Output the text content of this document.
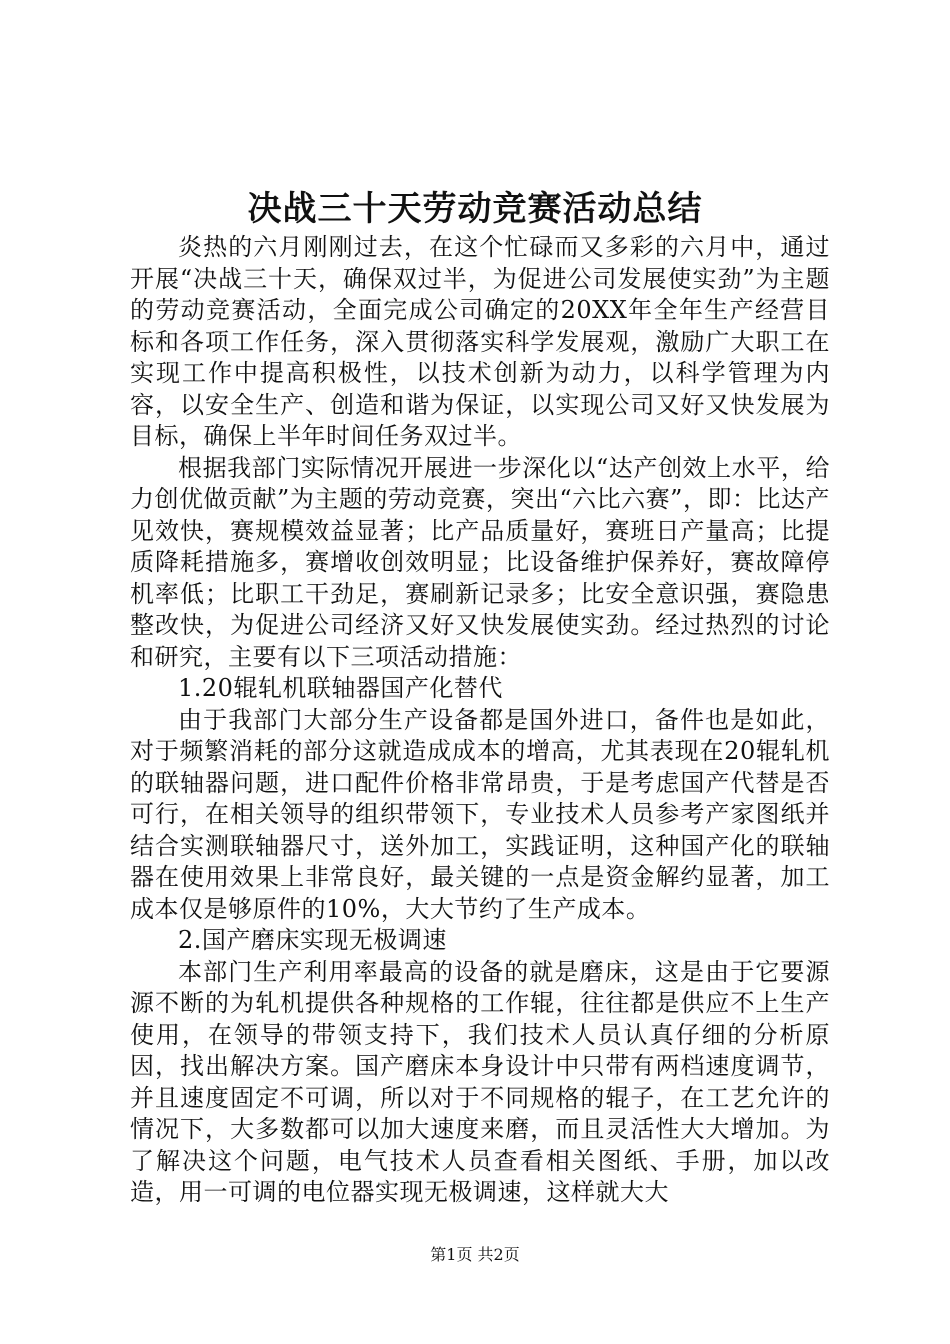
决战三十天劳动竞赛活动总结

炎热的六月刚刚过去，在这个忙碌而又多彩的六月中，通过开展“决战三十天，确保双过半，为促进公司发展使实劲”为主题的劳动竞赛活动，全面完成公司确定的20XX年全年生产经营目标和各项工作任务，深入贯彻落实科学发展观，激励广大职工在实现工作中提高积极性，以技术创新为动力，以科学管理为内容，以安全生产、创造和谐为保证，以实现公司又好又快发展为目标，确保上半年时间任务双过半。

根据我部门实际情况开展进一步深化以“达产创效上水平，给力创优做贡献”为主题的劳动竞赛，突出“六比六赛”，即：比达产见效快，赛规模效益显著；比产品质量好，赛班日产量高；比提质降耗措施多，赛增收创效明显；比设备维护保养好，赛故障停机率低；比职工干劲足，赛刷新记录多；比安全意识强，赛隐患整改快，为促进公司经济又好又快发展使实劲。经过热烈的讨论和研究，主要有以下三项活动措施：

1.20辊轧机联轴器国产化替代

由于我部门大部分生产设备都是国外进口，备件也是如此，对于频繁消耗的部分这就造成成本的增高，尤其表现在20辊轧机的联轴器问题，进口配件价格非常昂贵，于是考虑国产代替是否可行，在相关领导的组织带领下，专业技术人员参考产家图纸并结合实测联轴器尺寸，送外加工，实践证明，这种国产化的联轴器在使用效果上非常良好，最关键的一点是资金解约显著，加工成本仅是够原件的10%，大大节约了生产成本。

2.国产磨床实现无极调速

本部门生产利用率最高的设备的就是磨床，这是由于它要源源不断的为轧机提供各种规格的工作辊，往往都是供应不上生产使用，在领导的带领支持下，我们技术人员认真仔细的分析原因，找出解决方案。国产磨床本身设计中只带有两档速度调节，并且速度固定不可调，所以对于不同规格的辊子，在工艺允许的情况下，大多数都可以加大速度来磨，而且灵活性大大增加。为了解决这个问题，电气技术人员查看相关图纸、手册，加以改造，用一可调的电位器实现无极调速，这样就大大

第1页 共2页
